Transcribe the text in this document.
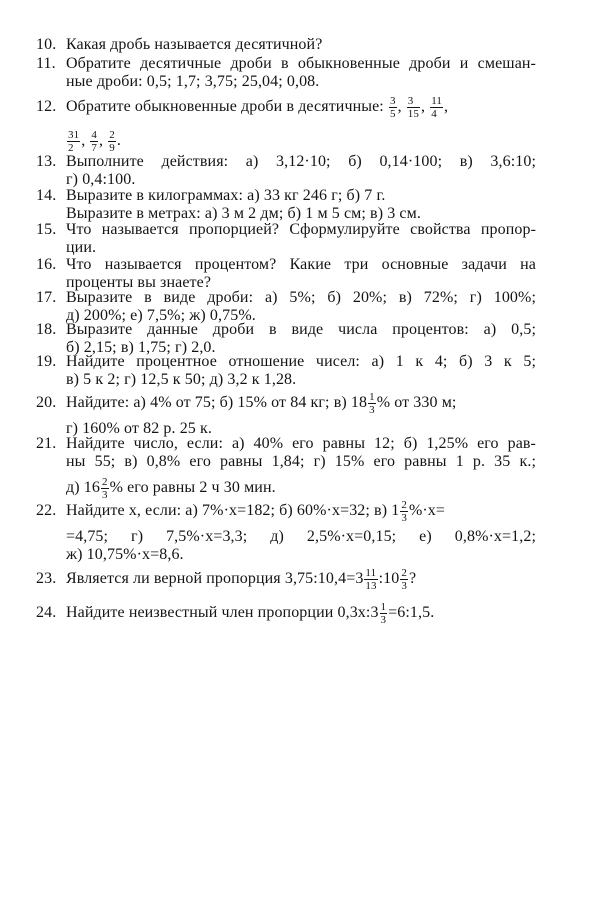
10. Какая дробь называется десятичной?
11. Обратите десятичные дроби в обыкновенные дроби и смешан-
ные дроби: 0,5; 1,7; 3,75; 25,04; 0,08.
12. Обратите обыкновенные дроби в десятичные: $\frac{3}{5}$ , $\frac{3}{15}$ , $\frac{11}{4}$ ,
$\frac{31}{2}$ , $\frac{4}{7}$ , $\frac{2}{9}$ .
13. Выполните действия: а) 3,12·10; б) 0,14·100; в) 3,6:10;
г) 0,4:100.
14. Выразите в килограммах: а) 33 кг 246 г; б) 7 г.
Выразите в метрах: а) 3 м 2 дм; б) 1 м 5 см; в) 3 см.
15. Что называется пропорцией? Сформулируйте свойства пропор-
ции.
16. Что называется процентом? Какие три основные задачи на
проценты вы знаете?
17. Выразите в виде дроби: а) 5%; б) 20%; в) 72%; г) 100%;
д) 200%; е) 7,5%; ж) 0,75%.
18. Выразите данные дроби в виде числа процентов: а) 0,5;
б) 2,15; в) 1,75; г) 2,0.
19. Найдите процентное отношение чисел: а) 1 к 4; б) 3 к 5;
в) 5 к 2; г) 12,5 к 50; д) 3,2 к 1,28.
20. Найдите: а) 4% от 75; б) 15% от 84 кг; в) $18 \frac{1}{3}$ % от 330 м;
г) 160% от 82 р. 25 к.
21. Найдите число, если: а) 40% его равны 12; б) 1,25% его рав-
ны 55; в) 0,8% его равны 1,84; г) 15% его равны 1 р. 35 к.;
д) $16 \frac{2}{3}$ % его равны 2 ч 30 мин.
22. Найдите x, если: а) 7%·x=182; б) 60%·x=32; в) $1 \frac{2}{3} \%\cdot x=$
=4,75; г) 7,5%·x=3,3; д) 2,5%·x=0,15; е) 0,8%·x=1,2;
ж) 10,75%·x=8,6.
23. Является ли верной пропорция 3,75:10,4=3 $\frac{11}{13}$ :10 $\frac{2}{3}$ ?
24. Найдите неизвестный член пропорции 0,3x:3 $\frac{1}{3}$ =6:1,5.
